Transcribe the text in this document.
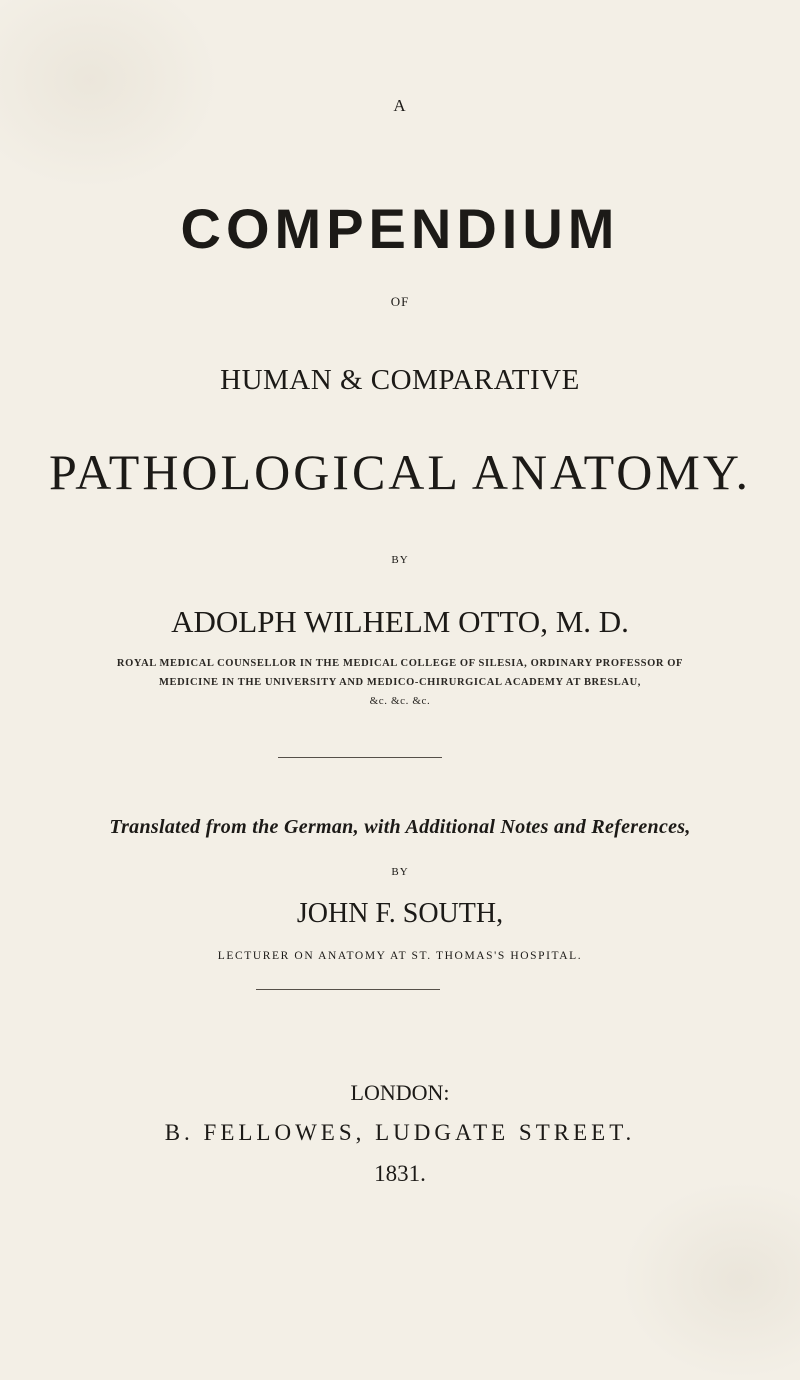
A
COMPENDIUM
OF
HUMAN & COMPARATIVE
PATHOLOGICAL ANATOMY.
BY
ADOLPH WILHELM OTTO, M. D.
ROYAL MEDICAL COUNSELLOR IN THE MEDICAL COLLEGE OF SILESIA, ORDINARY PROFESSOR OF
MEDICINE IN THE UNIVERSITY AND MEDICO-CHIRURGICAL ACADEMY AT BRESLAU,
&c. &c. &c.
Translated from the German, with Additional Notes and References,
BY
JOHN F. SOUTH,
LECTURER ON ANATOMY AT ST. THOMAS'S HOSPITAL.
LONDON:
B. FELLOWES, LUDGATE STREET.
1831.
